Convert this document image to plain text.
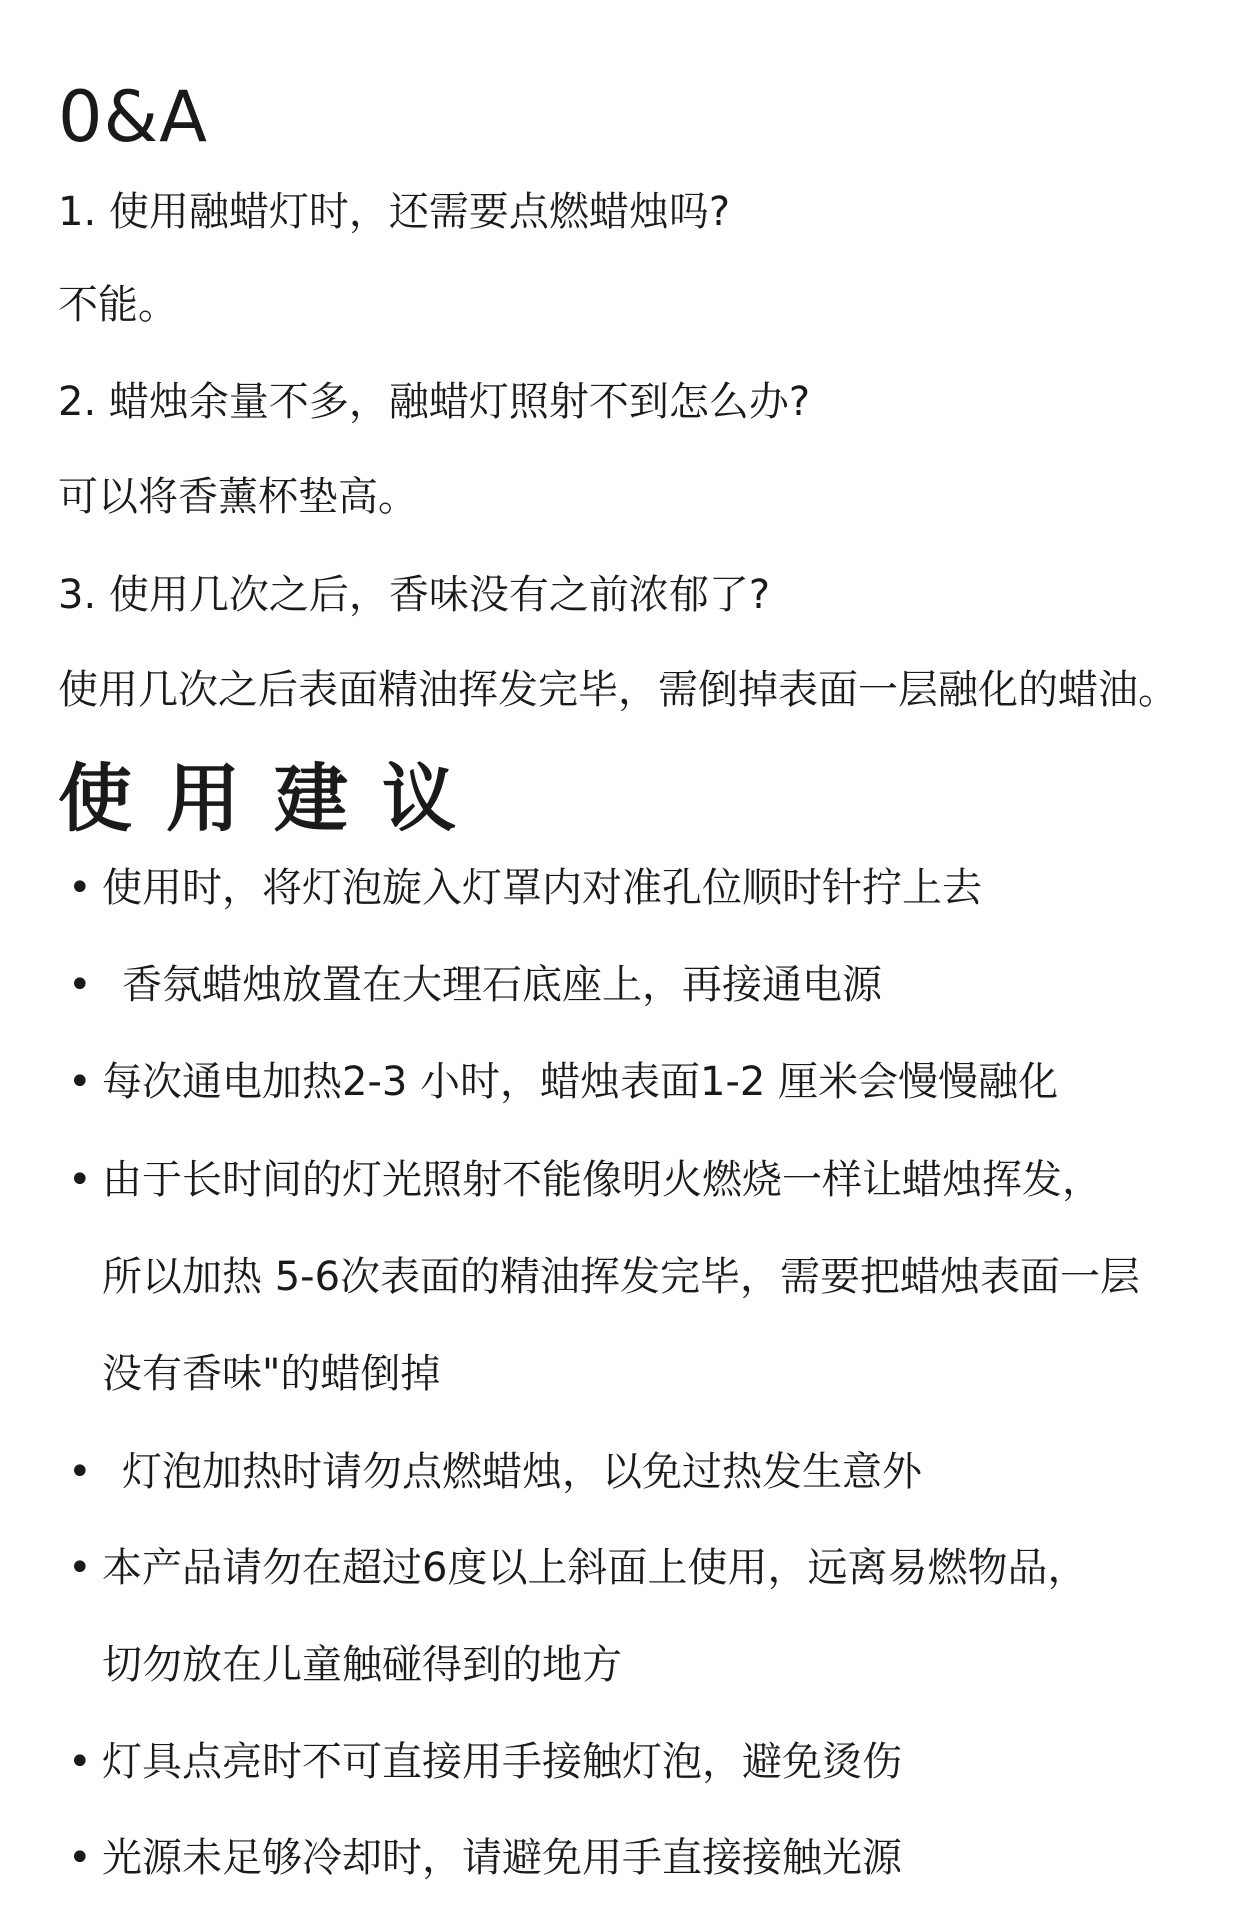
0&A
1. 使用融蜡灯时，还需要点燃蜡烛吗?
不能。
2. 蜡烛余量不多，融蜡灯照射不到怎么办?
可以将香薰杯垫高。
3. 使用几次之后，香味没有之前浓郁了?
使用几次之后表面精油挥发完毕，需倒掉表面一层融化的蜡油。
使用建议
• 使用时，将灯泡旋入灯罩内对准孔位顺时针拧上去
• 香氛蜡烛放置在大理石底座上，再接通电源
• 每次通电加热2-3 小时，蜡烛表面1-2 厘米会慢慢融化
• 由于长时间的灯光照射不能像明火燃烧一样让蜡烛挥发，
所以加热 5-6次表面的精油挥发完毕，需要把蜡烛表面一层
没有香味"的蜡倒掉
• 灯泡加热时请勿点燃蜡烛，以免过热发生意外
• 本产品请勿在超过6度以上斜面上使用，远离易燃物品，
切勿放在儿童触碰得到的地方
• 灯具点亮时不可直接用手接触灯泡，避免烫伤
• 光源未足够冷却时，请避免用手直接接触光源
